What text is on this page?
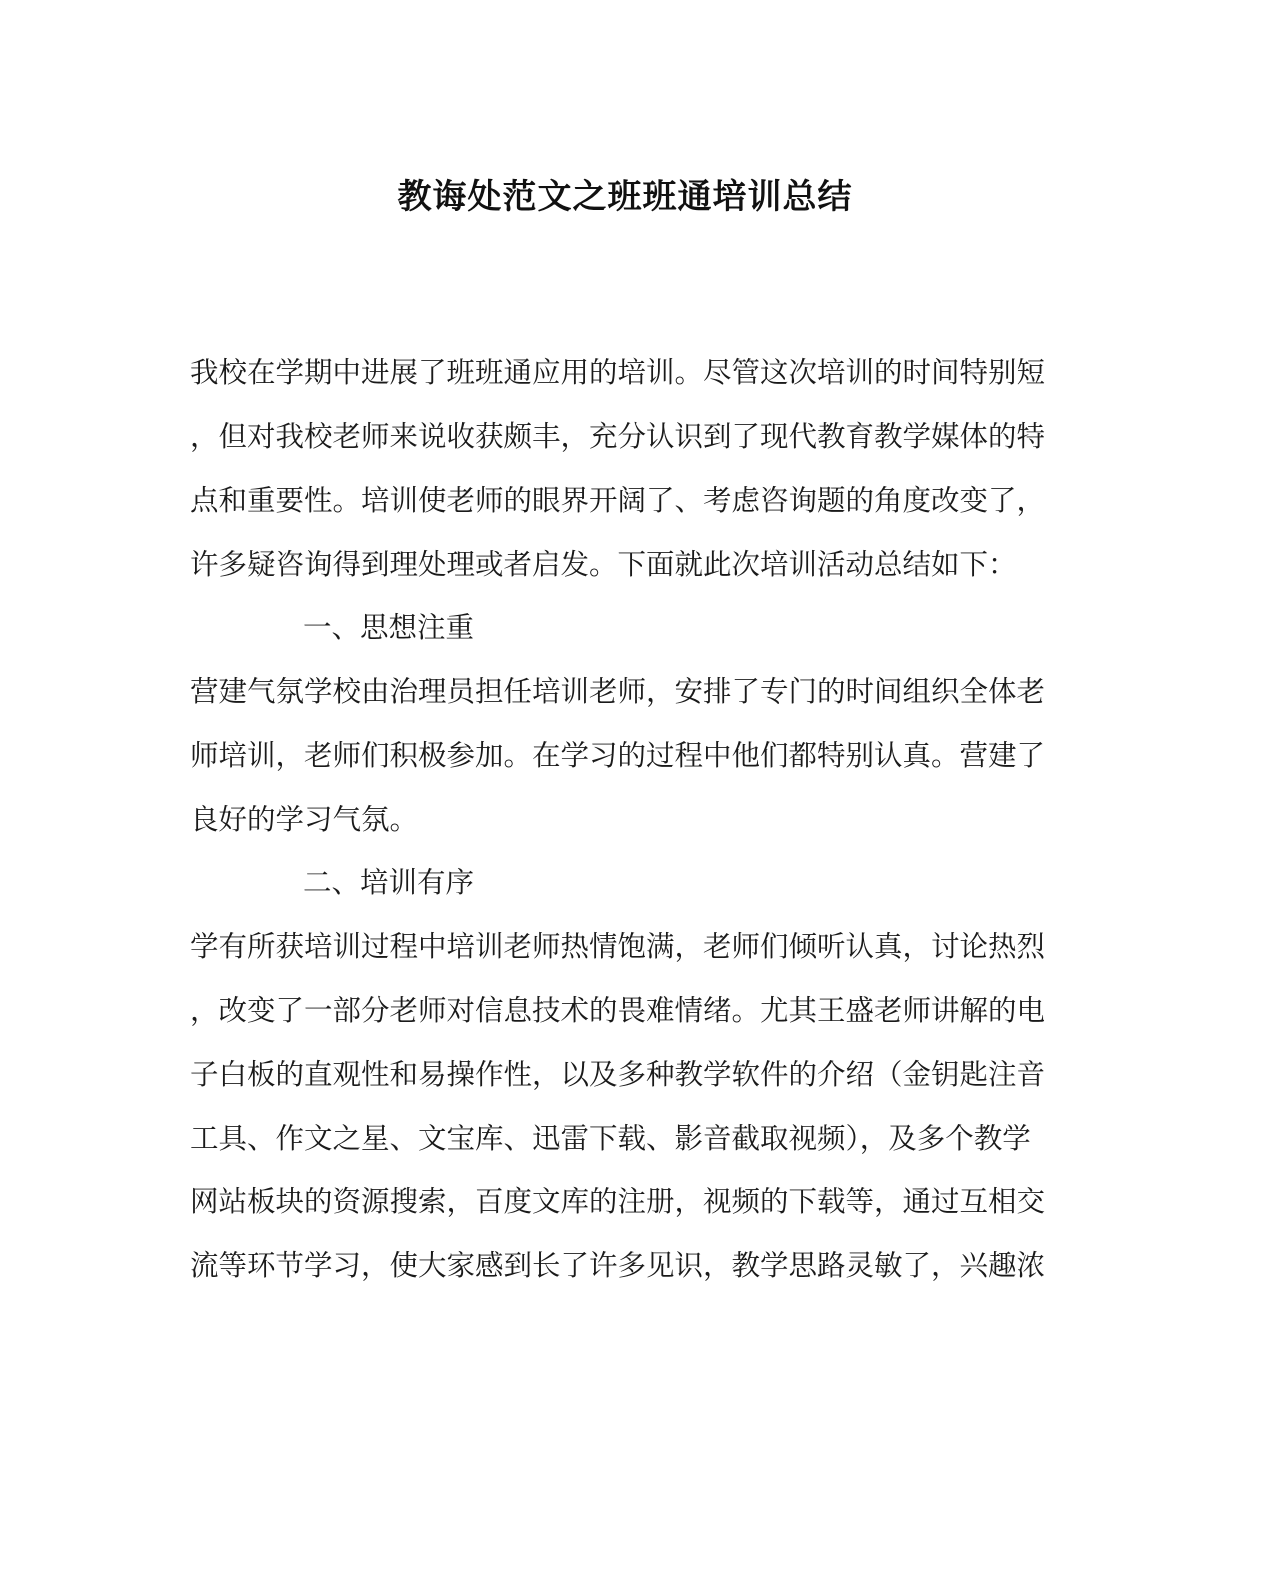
教诲处范文之班班通培训总结
我校在学期中进展了班班通应用的培训。尽管这次培训的时间特别短
，但对我校老师来说收获颇丰，充分认识到了现代教育教学媒体的特
点和重要性。培训使老师的眼界开阔了、考虑咨询题的角度改变了，
许多疑咨询得到理处理或者启发。下面就此次培训活动总结如下：
一、思想注重
营建气氛学校由治理员担任培训老师，安排了专门的时间组织全体老
师培训，老师们积极参加。在学习的过程中他们都特别认真。营建了
良好的学习气氛。
二、培训有序
学有所获培训过程中培训老师热情饱满，老师们倾听认真，讨论热烈
，改变了一部分老师对信息技术的畏难情绪。尤其王盛老师讲解的电
子白板的直观性和易操作性，以及多种教学软件的介绍（金钥匙注音
工具、作文之星、文宝库、迅雷下载、影音截取视频），及多个教学
网站板块的资源搜索，百度文库的注册，视频的下载等，通过互相交
流等环节学习，使大家感到长了许多见识，教学思路灵敏了，兴趣浓
